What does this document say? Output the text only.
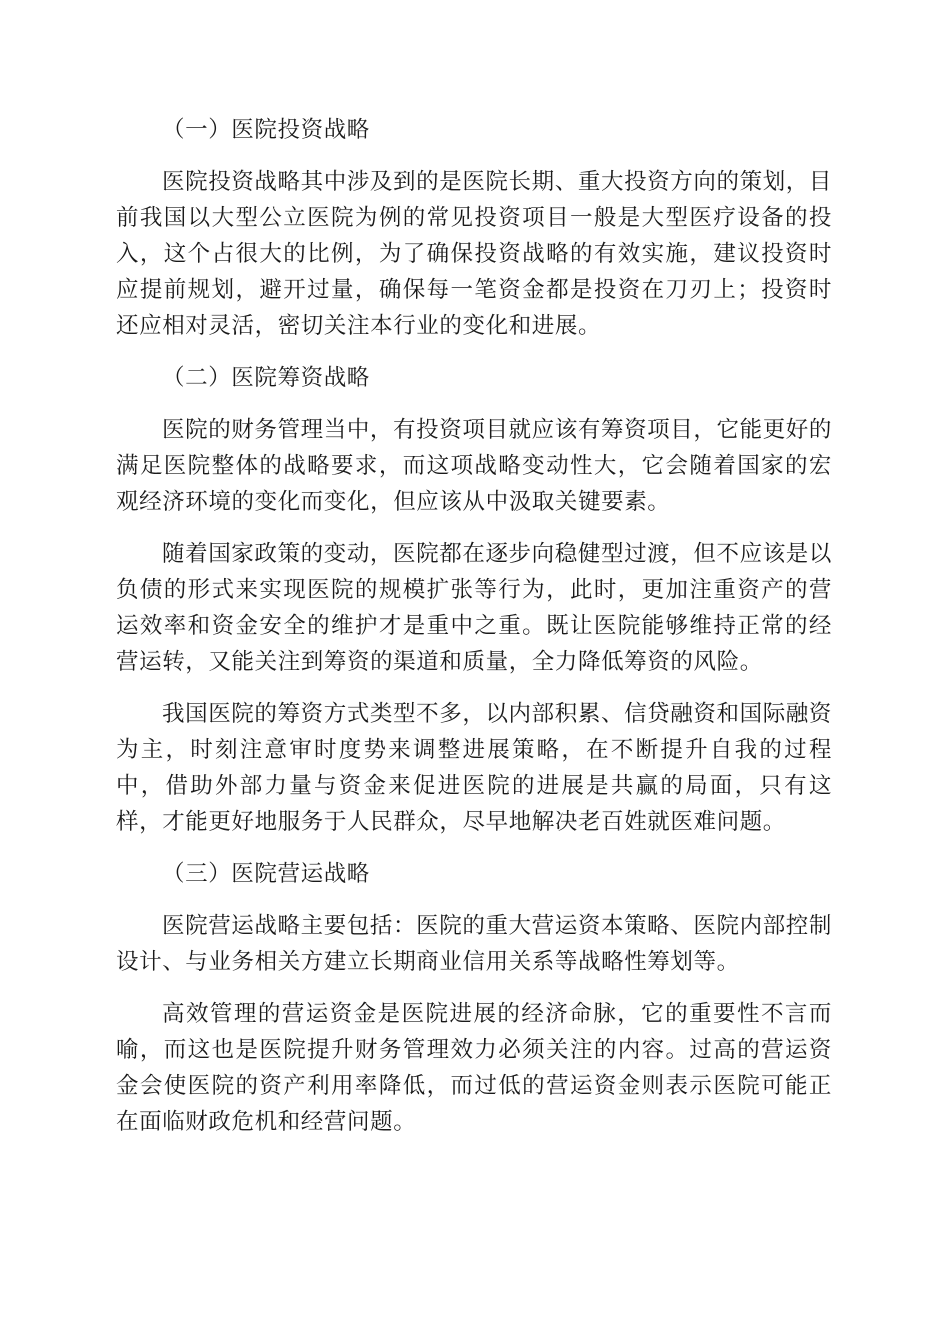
（一）医院投资战略

医院投资战略其中涉及到的是医院长期、重大投资方向的策划，目前我国以大型公立医院为例的常见投资项目一般是大型医疗设备的投入，这个占很大的比例，为了确保投资战略的有效实施，建议投资时应提前规划，避开过量，确保每一笔资金都是投资在刀刃上；投资时还应相对灵活，密切关注本行业的变化和进展。

（二）医院筹资战略

医院的财务管理当中，有投资项目就应该有筹资项目，它能更好的满足医院整体的战略要求，而这项战略变动性大，它会随着国家的宏观经济环境的变化而变化，但应该从中汲取关键要素。

随着国家政策的变动，医院都在逐步向稳健型过渡，但不应该是以负债的形式来实现医院的规模扩张等行为，此时，更加注重资产的营运效率和资金安全的维护才是重中之重。既让医院能够维持正常的经营运转，又能关注到筹资的渠道和质量，全力降低筹资的风险。

我国医院的筹资方式类型不多，以内部积累、信贷融资和国际融资为主，时刻注意审时度势来调整进展策略，在不断提升自我的过程中，借助外部力量与资金来促进医院的进展是共赢的局面，只有这样，才能更好地服务于人民群众，尽早地解决老百姓就医难问题。

（三）医院营运战略

医院营运战略主要包括：医院的重大营运资本策略、医院内部控制设计、与业务相关方建立长期商业信用关系等战略性筹划等。

高效管理的营运资金是医院进展的经济命脉，它的重要性不言而喻，而这也是医院提升财务管理效力必须关注的内容。过高的营运资金会使医院的资产利用率降低，而过低的营运资金则表示医院可能正在面临财政危机和经营问题。
